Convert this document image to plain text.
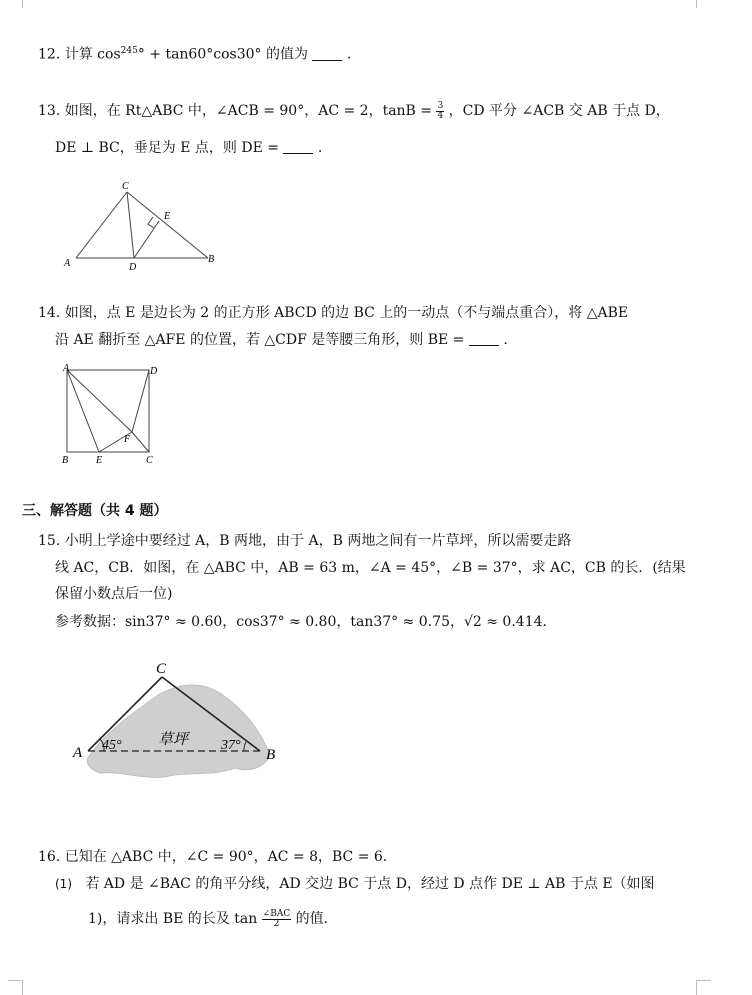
12. 计算 $\cos^{245}^\circ + \tan 60^\circ\cos 30^\circ$ 的值为	.
13. 如图，在 Rt△ABC 中，∠ACB = 90°，AC = 2，$\tan B = \frac{3}{4}$ ，CD 平分 ∠ACB 交 AB 于点 D，
DE ⊥ BC，垂足为 E 点，则 DE =	.
C
E
A	D
B
14. 如图，点 E 是边长为 2 的正方形 ABCD 的边 BC 上的一动点（不与端点重合），将 △ABE
沿 AE 翻折至 △AFE 的位置，若 △CDF 是等腰三角形，则 BE =	.
A	D
F
B	E	C
三、解答题（共 4 题）
15. 小明上学途中要经过 A，B 两地，由于 A，B 两地之间有一片草坪，所以需要走路
线 AC，CB．如图，在 △ABC 中，AB = 63 m，∠A = 45°，∠B = 37°，求 AC，CB 的长．(结果
保留小数点后一位)
参考数据：sin37° ≈ 0.60，cos37° ≈ 0.80，tan37° ≈ 0.75，√2 ≈ 0.414．
C
A	B
45°	37°
草坪
16. 已知在 △ABC 中，∠C = 90°，AC = 8，BC = 6．
(1) 若 AD 是 ∠BAC 的角平分线，AD 交边 BC 于点 D，经过 D 点作 DE ⊥ AB 于点 E（如图
1)，请求出 BE 的长及 $\tan \frac{\text{∠BAC}}{2}$ 的值．
